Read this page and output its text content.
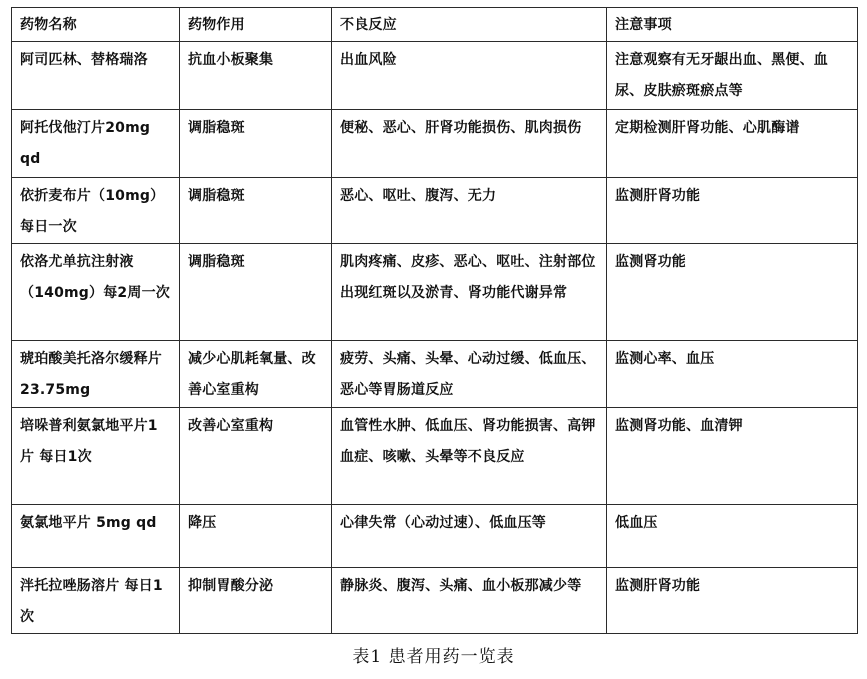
药物名称	药物作用	不良反应	注意事项
阿司匹林、替格瑞洛	抗血小板聚集	出血风险	注意观察有无牙龈出血、黑便、血尿、皮肤瘀斑瘀点等
阿托伐他汀片20mg qd	调脂稳斑	便秘、恶心、肝肾功能损伤、肌肉损伤	定期检测肝肾功能、心肌酶谱
依折麦布片（10mg）每日一次	调脂稳斑	恶心、呕吐、腹泻、无力	监测肝肾功能
依洛尤单抗注射液（140mg）每2周一次	调脂稳斑	肌肉疼痛、皮疹、恶心、呕吐、注射部位出现红斑以及淤青、肾功能代谢异常	监测肾功能
琥珀酸美托洛尔缓释片23.75mg	减少心肌耗氧量、改善心室重构	疲劳、头痛、头晕、心动过缓、低血压、恶心等胃肠道反应	监测心率、血压
培哚普利氨氯地平片1片 每日1次	改善心室重构	血管性水肿、低血压、肾功能损害、高钾血症、咳嗽、头晕等不良反应	监测肾功能、血清钾
氨氯地平片 5mg qd	降压	心律失常（心动过速）、低血压等	低血压
泮托拉唑肠溶片 每日1次	抑制胃酸分泌	静脉炎、腹泻、头痛、血小板那减少等	监测肝肾功能
表1 患者用药一览表
